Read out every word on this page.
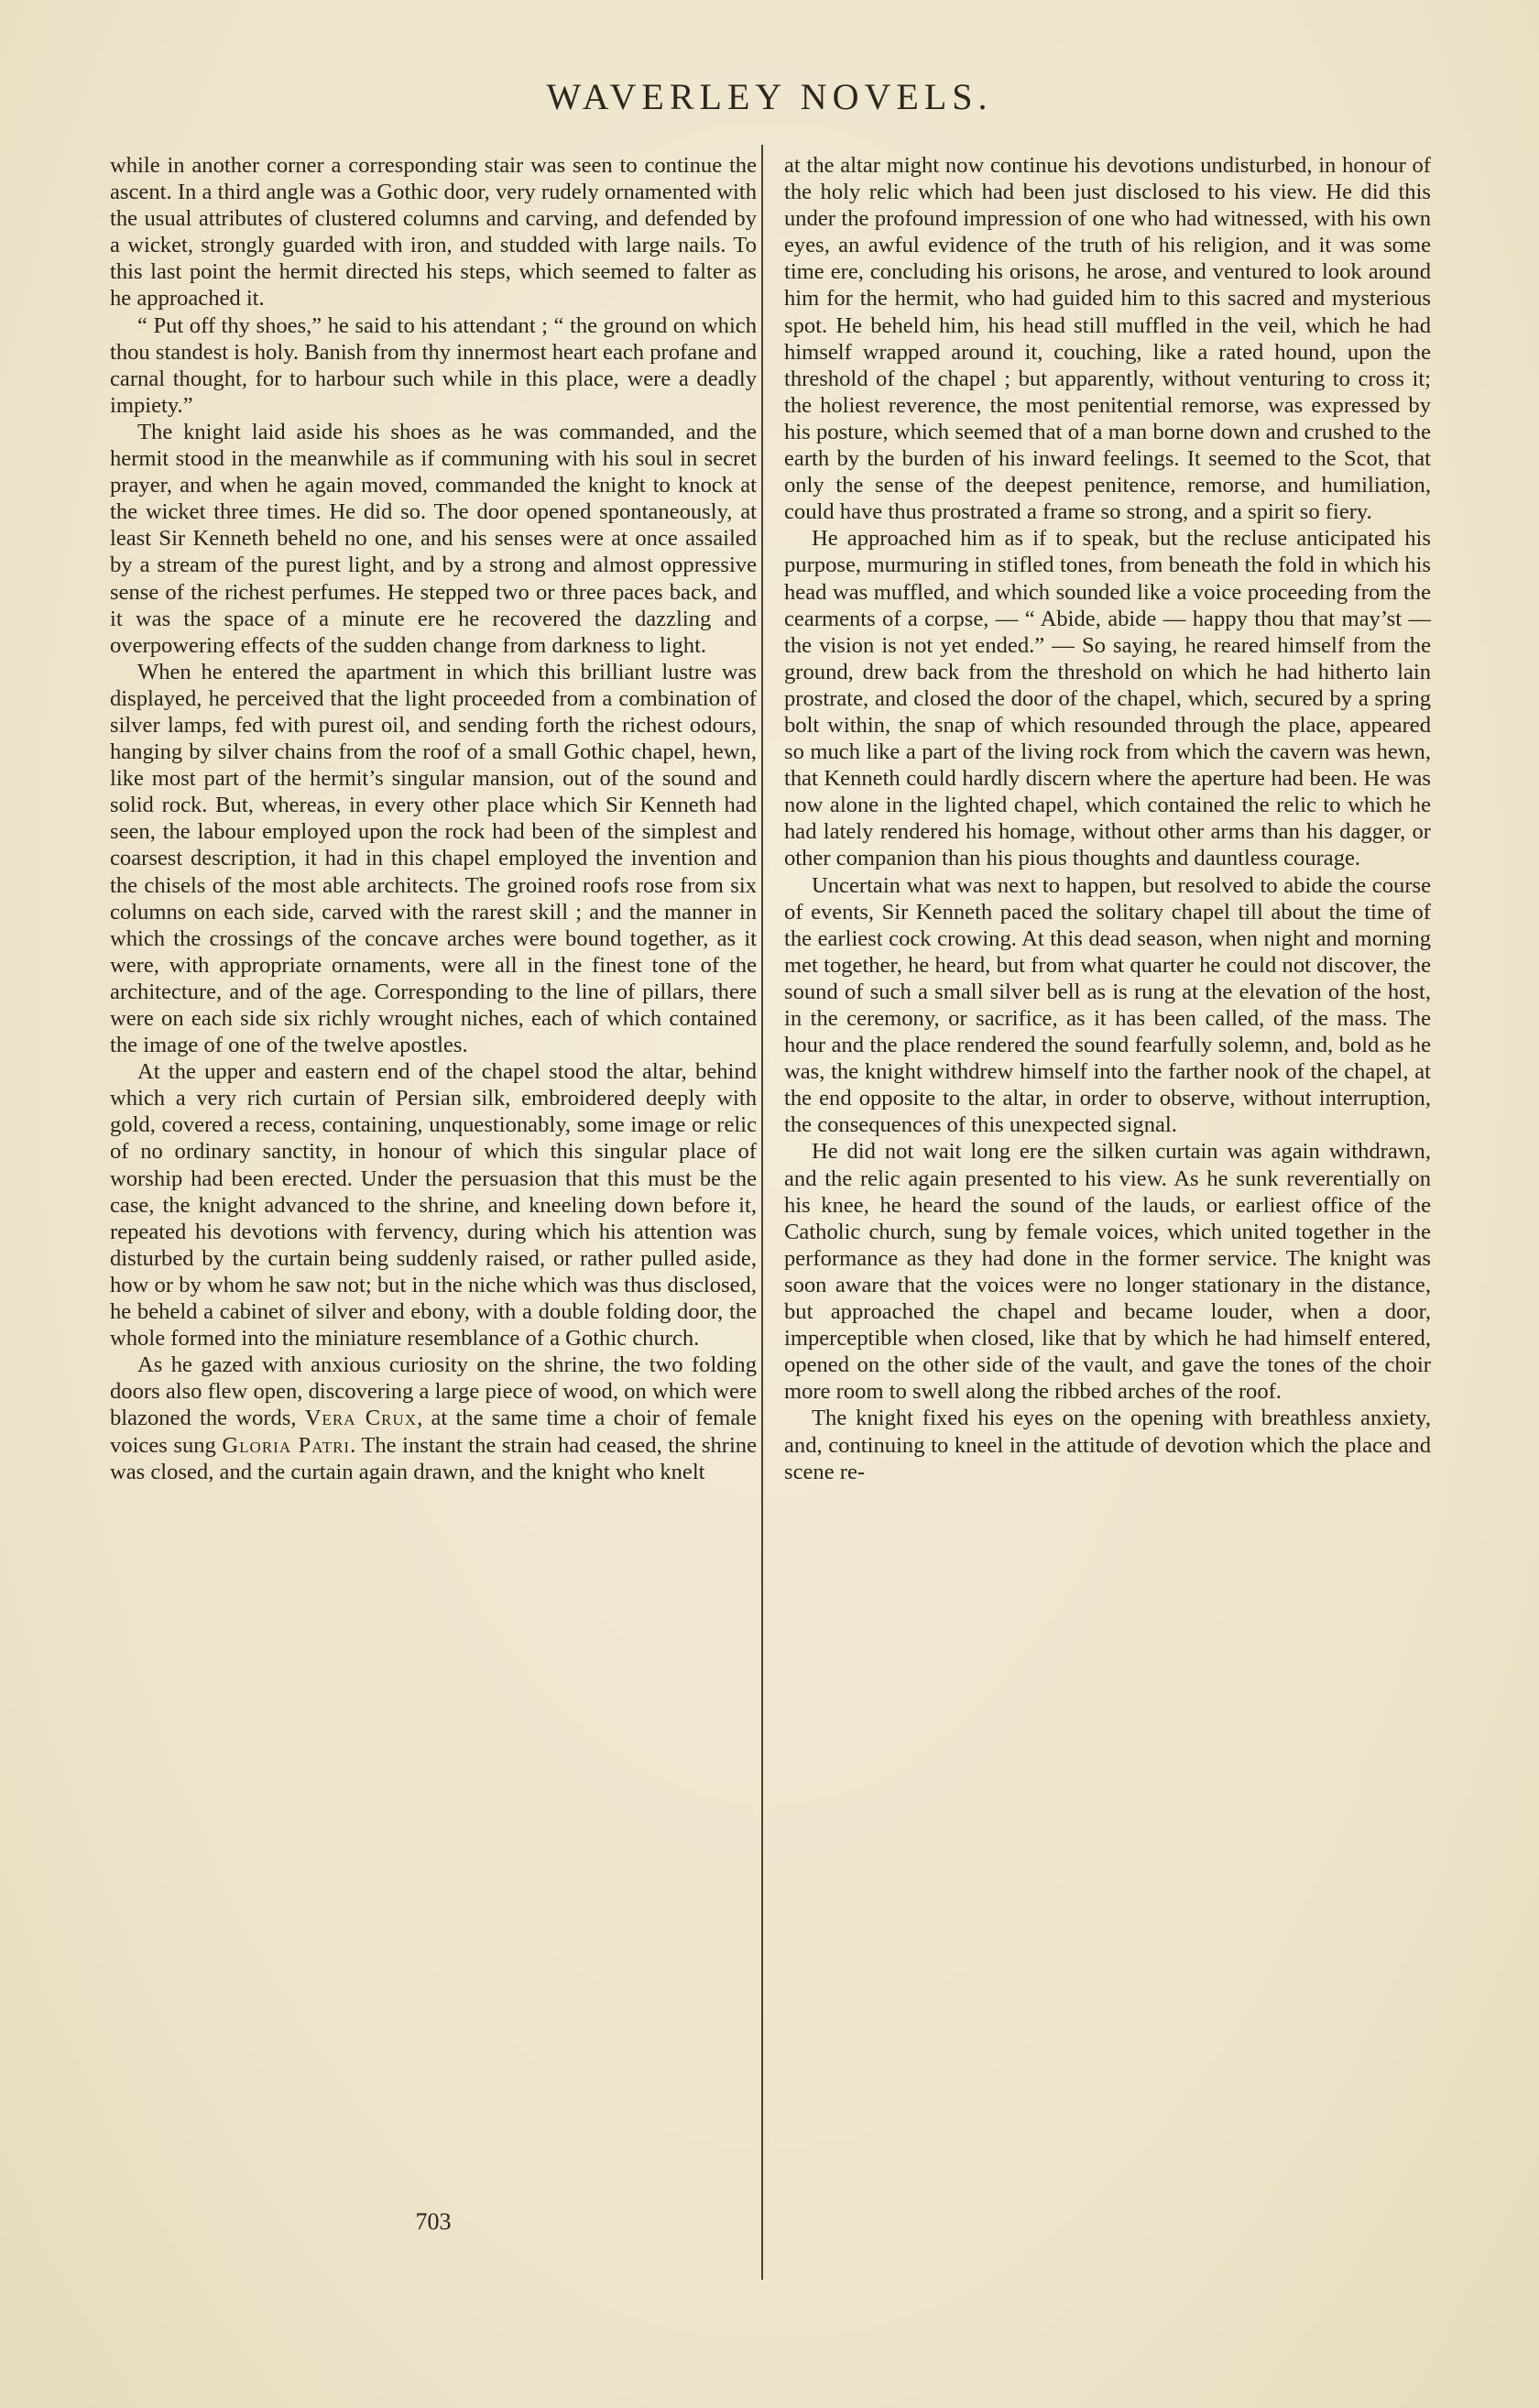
WAVERLEY NOVELS.

while in another corner a corresponding stair was seen to continue the ascent. In a third angle was a Gothic door, very rudely ornamented with the usual attributes of clustered columns and carving, and defended by a wicket, strongly guarded with iron, and studded with large nails. To this last point the hermit directed his steps, which seemed to falter as he approached it.

“ Put off thy shoes,” he said to his attendant ; “ the ground on which thou standest is holy. Banish from thy innermost heart each profane and carnal thought, for to harbour such while in this place, were a deadly impiety.”

The knight laid aside his shoes as he was commanded, and the hermit stood in the meanwhile as if communing with his soul in secret prayer, and when he again moved, commanded the knight to knock at the wicket three times. He did so. The door opened spontaneously, at least Sir Kenneth beheld no one, and his senses were at once assailed by a stream of the purest light, and by a strong and almost oppressive sense of the richest perfumes. He stepped two or three paces back, and it was the space of a minute ere he recovered the dazzling and overpowering effects of the sudden change from darkness to light.

When he entered the apartment in which this brilliant lustre was displayed, he perceived that the light proceeded from a combination of silver lamps, fed with purest oil, and sending forth the richest odours, hanging by silver chains from the roof of a small Gothic chapel, hewn, like most part of the hermit’s singular mansion, out of the sound and solid rock. But, whereas, in every other place which Sir Kenneth had seen, the labour employed upon the rock had been of the simplest and coarsest description, it had in this chapel employed the invention and the chisels of the most able architects. The groined roofs rose from six columns on each side, carved with the rarest skill ; and the manner in which the crossings of the concave arches were bound together, as it were, with appropriate ornaments, were all in the finest tone of the architecture, and of the age. Corresponding to the line of pillars, there were on each side six richly wrought niches, each of which contained the image of one of the twelve apostles.

At the upper and eastern end of the chapel stood the altar, behind which a very rich curtain of Persian silk, embroidered deeply with gold, covered a recess, containing, unquestionably, some image or relic of no ordinary sanctity, in honour of which this singular place of worship had been erected. Under the persuasion that this must be the case, the knight advanced to the shrine, and kneeling down before it, repeated his devotions with fervency, during which his attention was disturbed by the curtain being suddenly raised, or rather pulled aside, how or by whom he saw not; but in the niche which was thus disclosed, he beheld a cabinet of silver and ebony, with a double folding door, the whole formed into the miniature resemblance of a Gothic church.

As he gazed with anxious curiosity on the shrine, the two folding doors also flew open, discovering a large piece of wood, on which were blazoned the words, Vera Crux, at the same time a choir of female voices sung Gloria Patri. The instant the strain had ceased, the shrine was closed, and the curtain again drawn, and the knight who knelt

at the altar might now continue his devotions undisturbed, in honour of the holy relic which had been just disclosed to his view. He did this under the profound impression of one who had witnessed, with his own eyes, an awful evidence of the truth of his religion, and it was some time ere, concluding his orisons, he arose, and ventured to look around him for the hermit, who had guided him to this sacred and mysterious spot. He beheld him, his head still muffled in the veil, which he had himself wrapped around it, couching, like a rated hound, upon the threshold of the chapel ; but apparently, without venturing to cross it; the holiest reverence, the most penitential remorse, was expressed by his posture, which seemed that of a man borne down and crushed to the earth by the burden of his inward feelings. It seemed to the Scot, that only the sense of the deepest penitence, remorse, and humiliation, could have thus prostrated a frame so strong, and a spirit so fiery.

He approached him as if to speak, but the recluse anticipated his purpose, murmuring in stifled tones, from beneath the fold in which his head was muffled, and which sounded like a voice proceeding from the cearments of a corpse, — “ Abide, abide — happy thou that may’st — the vision is not yet ended.” — So saying, he reared himself from the ground, drew back from the threshold on which he had hitherto lain prostrate, and closed the door of the chapel, which, secured by a spring bolt within, the snap of which resounded through the place, appeared so much like a part of the living rock from which the cavern was hewn, that Kenneth could hardly discern where the aperture had been. He was now alone in the lighted chapel, which contained the relic to which he had lately rendered his homage, without other arms than his dagger, or other companion than his pious thoughts and dauntless courage.

Uncertain what was next to happen, but resolved to abide the course of events, Sir Kenneth paced the solitary chapel till about the time of the earliest cock crowing. At this dead season, when night and morning met together, he heard, but from what quarter he could not discover, the sound of such a small silver bell as is rung at the elevation of the host, in the ceremony, or sacrifice, as it has been called, of the mass. The hour and the place rendered the sound fearfully solemn, and, bold as he was, the knight withdrew himself into the farther nook of the chapel, at the end opposite to the altar, in order to observe, without interruption, the consequences of this unexpected signal.

He did not wait long ere the silken curtain was again withdrawn, and the relic again presented to his view. As he sunk reverentially on his knee, he heard the sound of the lauds, or earliest office of the Catholic church, sung by female voices, which united together in the performance as they had done in the former service. The knight was soon aware that the voices were no longer stationary in the distance, but approached the chapel and became louder, when a door, imperceptible when closed, like that by which he had himself entered, opened on the other side of the vault, and gave the tones of the choir more room to swell along the ribbed arches of the roof.

The knight fixed his eyes on the opening with breathless anxiety, and, continuing to kneel in the attitude of devotion which the place and scene re-

703
